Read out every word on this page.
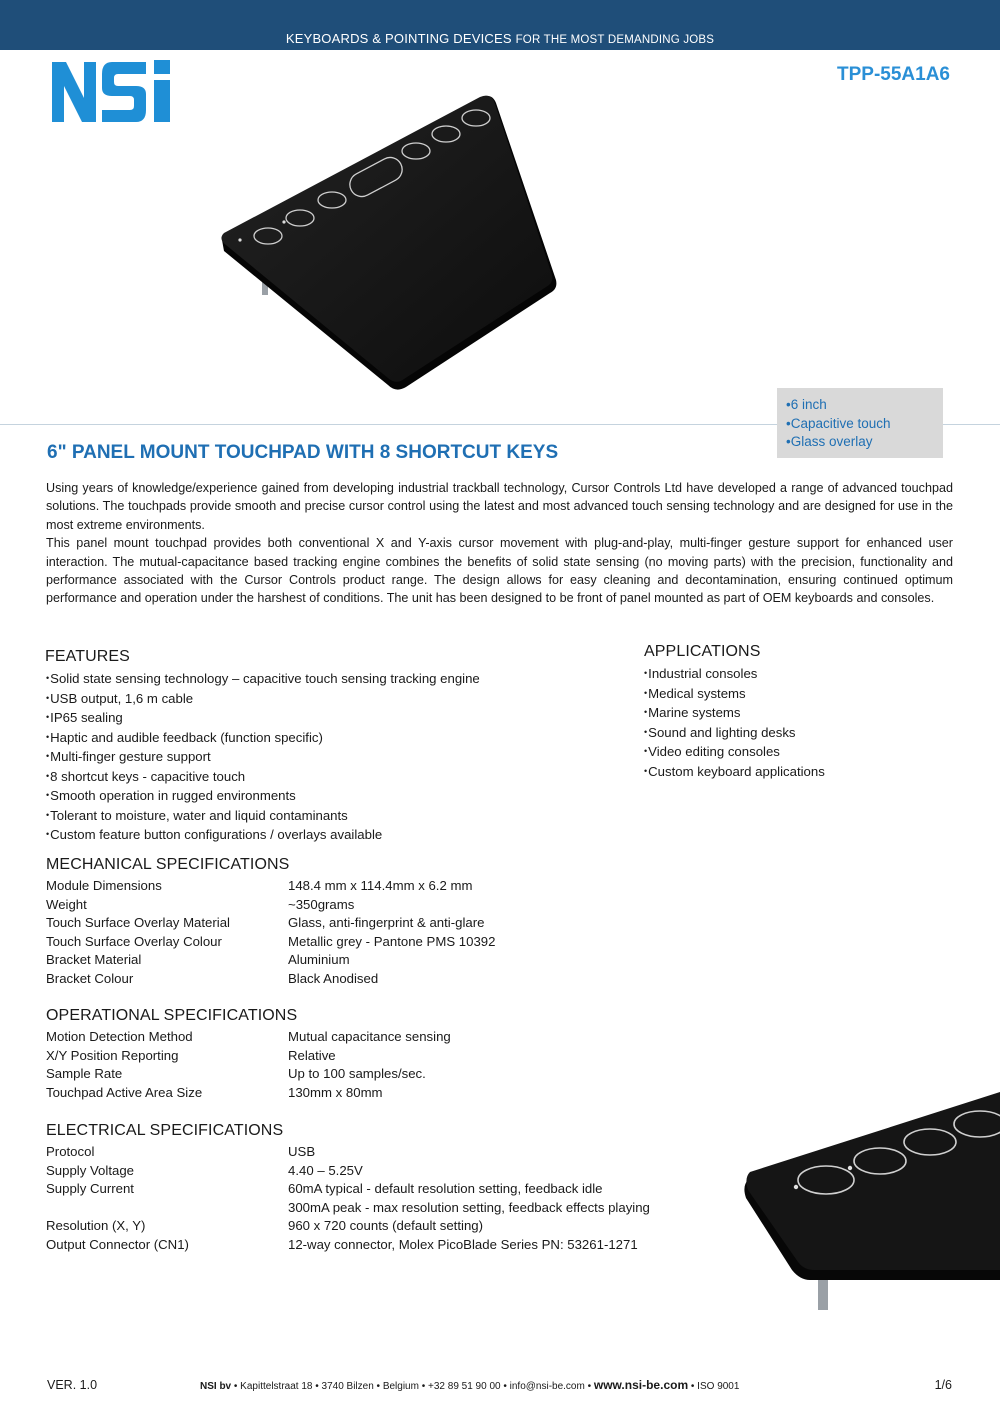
KEYBOARDS & POINTING DEVICES FOR THE MOST DEMANDING JOBS
TPP-55A1A6
•6 inch
•Capacitive touch
•Glass overlay
6" PANEL MOUNT TOUCHPAD WITH 8 SHORTCUT KEYS

Using years of knowledge/experience gained from developing industrial trackball technology, Cursor Controls Ltd have developed a range of advanced touchpad solutions. The touchpads provide smooth and precise cursor control using the latest and most advanced touch sensing technology and are designed for use in the most extreme environments.

This panel mount touchpad provides both conventional X and Y-axis cursor movement with plug-and-play, multi-finger gesture support for enhanced user interaction. The mutual-capacitance based tracking engine combines the benefits of solid state sensing (no moving parts) with the precision, functionality and performance associated with the Cursor Controls product range. The design allows for easy cleaning and decontamination, ensuring continued optimum performance and operation under the harshest of conditions. The unit has been designed to be front of panel mounted as part of OEM keyboards and consoles.

FEATURES
• Solid state sensing technology – capacitive touch sensing tracking engine
• USB output, 1,6 m cable
• IP65 sealing
• Haptic and audible feedback (function specific)
• Multi-finger gesture support
• 8 shortcut keys - capacitive touch
• Smooth operation in rugged environments
• Tolerant to moisture, water and liquid contaminants
• Custom feature button configurations / overlays available
APPLICATIONS
• Industrial consoles
• Medical systems
• Marine systems
• Sound and lighting desks
• Video editing consoles
• Custom keyboard applications
MECHANICAL SPECIFICATIONS
Module Dimensions	148.4 mm x 114.4mm x 6.2 mm
Weight	~350grams
Touch Surface Overlay Material	Glass, anti-fingerprint & anti-glare
Touch Surface Overlay Colour	Metallic grey - Pantone PMS 10392
Bracket Material	Aluminium
Bracket Colour	Black Anodised
OPERATIONAL SPECIFICATIONS
Motion Detection Method	Mutual capacitance sensing
X/Y Position Reporting	Relative
Sample Rate	Up to 100 samples/sec.
Touchpad Active Area Size	130mm x 80mm
ELECTRICAL SPECIFICATIONS
Protocol	USB
Supply Voltage	4.40 – 5.25V
Supply Current	60mA typical - default resolution setting, feedback idle
300mA peak - max resolution setting, feedback effects playing
Resolution (X, Y)	960 x 720 counts (default setting)
Output Connector (CN1)	12-way connector, Molex PicoBlade Series PN: 53261-1271
VER. 1.0	NSI bv • Kapittelstraat 18 • 3740 Bilzen • Belgium • +32 89 51 90 00 • info@nsi-be.com • www.nsi-be.com • ISO 9001	1/6
